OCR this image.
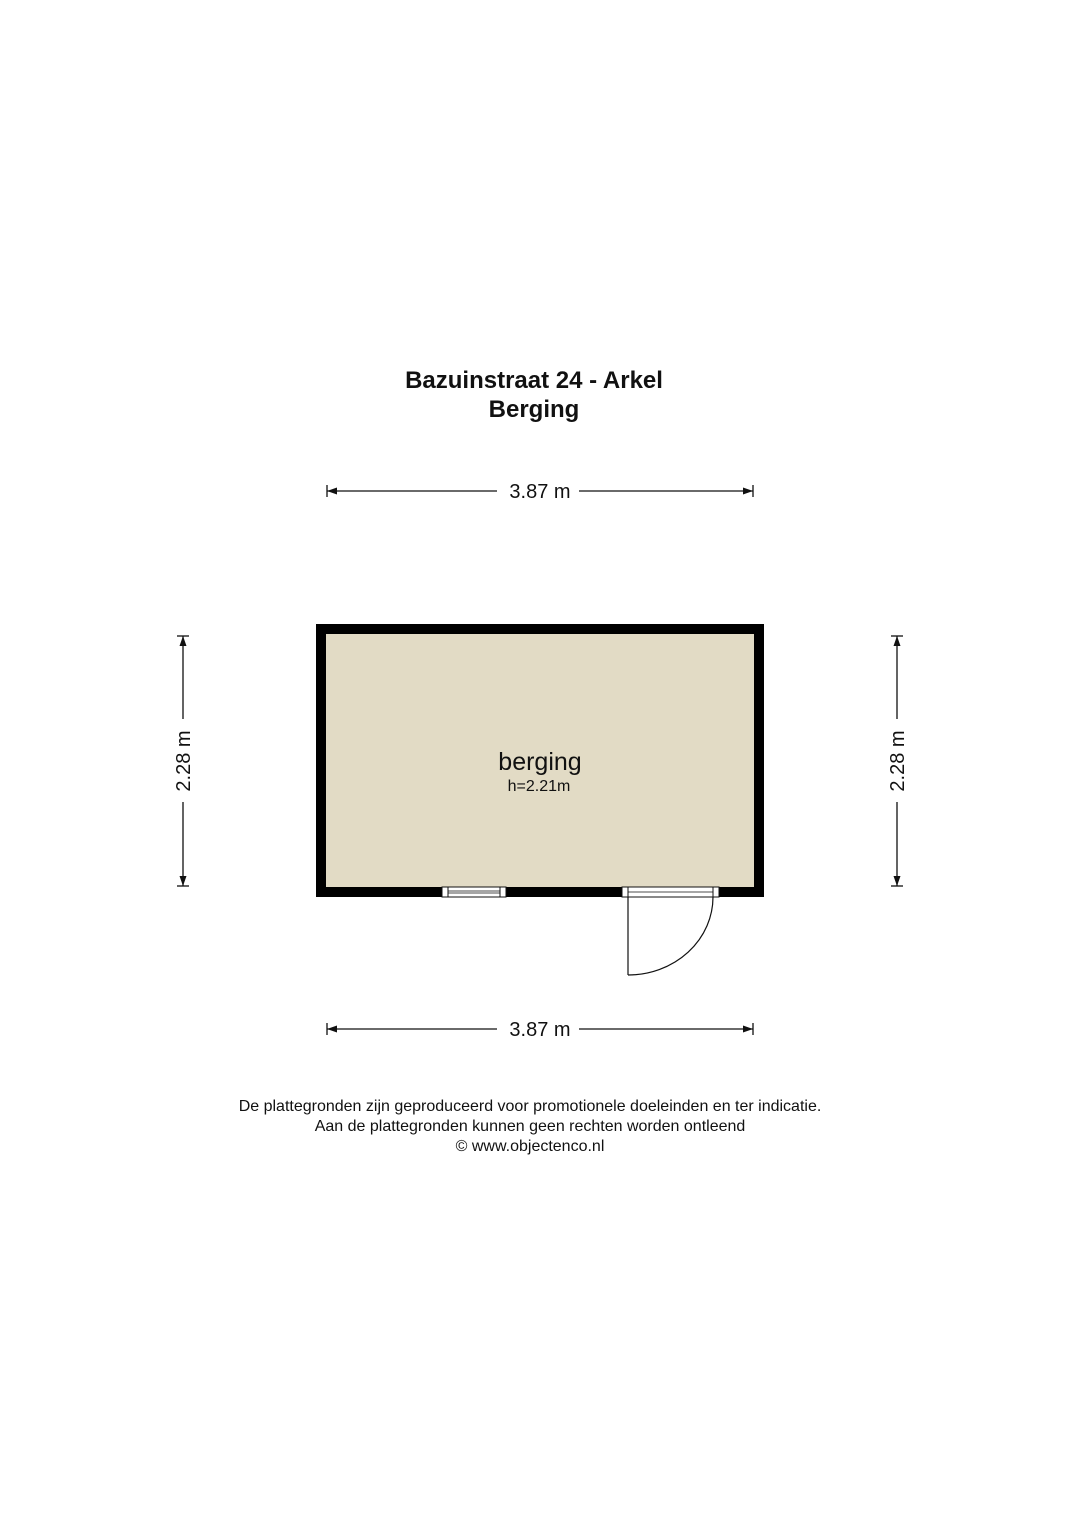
Bazuinstraat 24 - Arkel
Berging
3.87 m
2.28 m	2.28 m
berging
h=2.21m
3.87 m
De plattegronden zijn geproduceerd voor promotionele doeleinden en ter indicatie.
Aan de plattegronden kunnen geen rechten worden ontleend
© www.objectenco.nl
